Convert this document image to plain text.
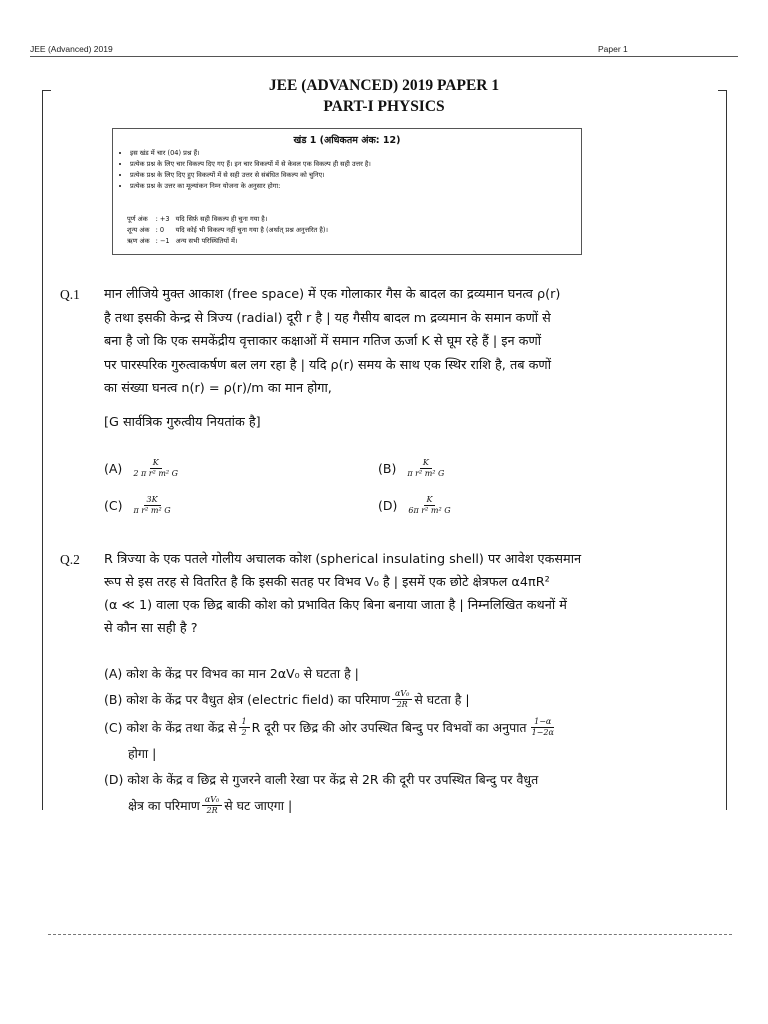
JEE (Advanced) 2019	Paper 1
JEE (ADVANCED) 2019 PAPER 1
PART-I PHYSICS
खंड 1 (अधिकतम अंक: 12)
• इस खंड में चार (04) प्रश्न हैं।
• प्रत्येक प्रश्न के लिए चार विकल्प दिए गए हैं। इन चार विकल्पों में से केवल एक विकल्प ही सही उत्तर है।
• प्रत्येक प्रश्न के लिए दिए हुए विकल्पों में से सही उत्तर से संबंधित विकल्प को चुनिए।
• प्रत्येक प्रश्न के उत्तर का मूल्यांकन निम्न योजना के अनुसार होगा:
पूर्ण अंक	: +3	यदि सिर्फ़ सही विकल्प ही चुना गया है।
शून्य अंक	: 0	यदि कोई भी विकल्प नहीं चुना गया है (अर्थात् प्रश्न अनुत्तरित है)।
ऋण अंक	: −1	अन्य सभी परिस्थितियों में।
Q.1 मान लीजिये मुक्त आकाश (free space) में एक गोलाकार गैस के बादल का द्रव्यमान घनत्व ρ(r)
है तथा इसकी केन्द्र से त्रिज्य (radial) दूरी r है | यह गैसीय बादल m द्रव्यमान के समान कणों से
बना है जो कि एक समकेंद्रीय वृत्ताकार कक्षाओं में समान गतिज ऊर्जा K से घूम रहे हैं | इन कणों
पर पारस्परिक गुरुत्वाकर्षण बल लग रहा है | यदि ρ(r) समय के साथ एक स्थिर राशि है, तब कणों
का संख्या घनत्व n(r) = ρ(r)/m का मान होगा,
[G सार्वत्रिक गुरुत्वीय नियतांक है]
$(A) \frac{K}{\text{2 π r² m² G}}$	$(B) \frac{K}{\text{π r² m² G}}$
$(C) \frac{3K}{\text{π r² m² G}}$	$(D) \frac{K}{\text{6π r² m² G}}$
Q.2 R त्रिज्या के एक पतले गोलीय अचालक कोश (spherical insulating shell) पर आवेश एकसमान
रूप से इस तरह से वितरित है कि इसकी सतह पर विभव V₀ है | इसमें एक छोटे क्षेत्रफल α4πR²
(α ≪ 1) वाला एक छिद्र बाकी कोश को प्रभावित किए बिना बनाया जाता है | निम्नलिखित कथनों में
से कौन सा सही है ?
(A) कोश के केंद्र पर विभव का मान 2αV₀ से घटता है |
(B) कोश के केंद्र पर वैधुत क्षेत्र (electric field) का परिमाण $\frac{\text{αV₀}}{2R}$ से घटता है |
(C) कोश के केंद्र तथा केंद्र से $\frac{1}{2}$ R दूरी पर छिद्र की ओर उपस्थित बिन्दु पर विभवों का अनुपात $\frac{1-\alpha}{1-2\alpha}$
होगा |
(D) कोश के केंद्र व छिद्र से गुजरने वाली रेखा पर केंद्र से 2R की दूरी पर उपस्थित बिन्दु पर वैधुत
क्षेत्र का परिमाण $\frac{\text{αV₀}}{2R}$ से घट जाएगा |
